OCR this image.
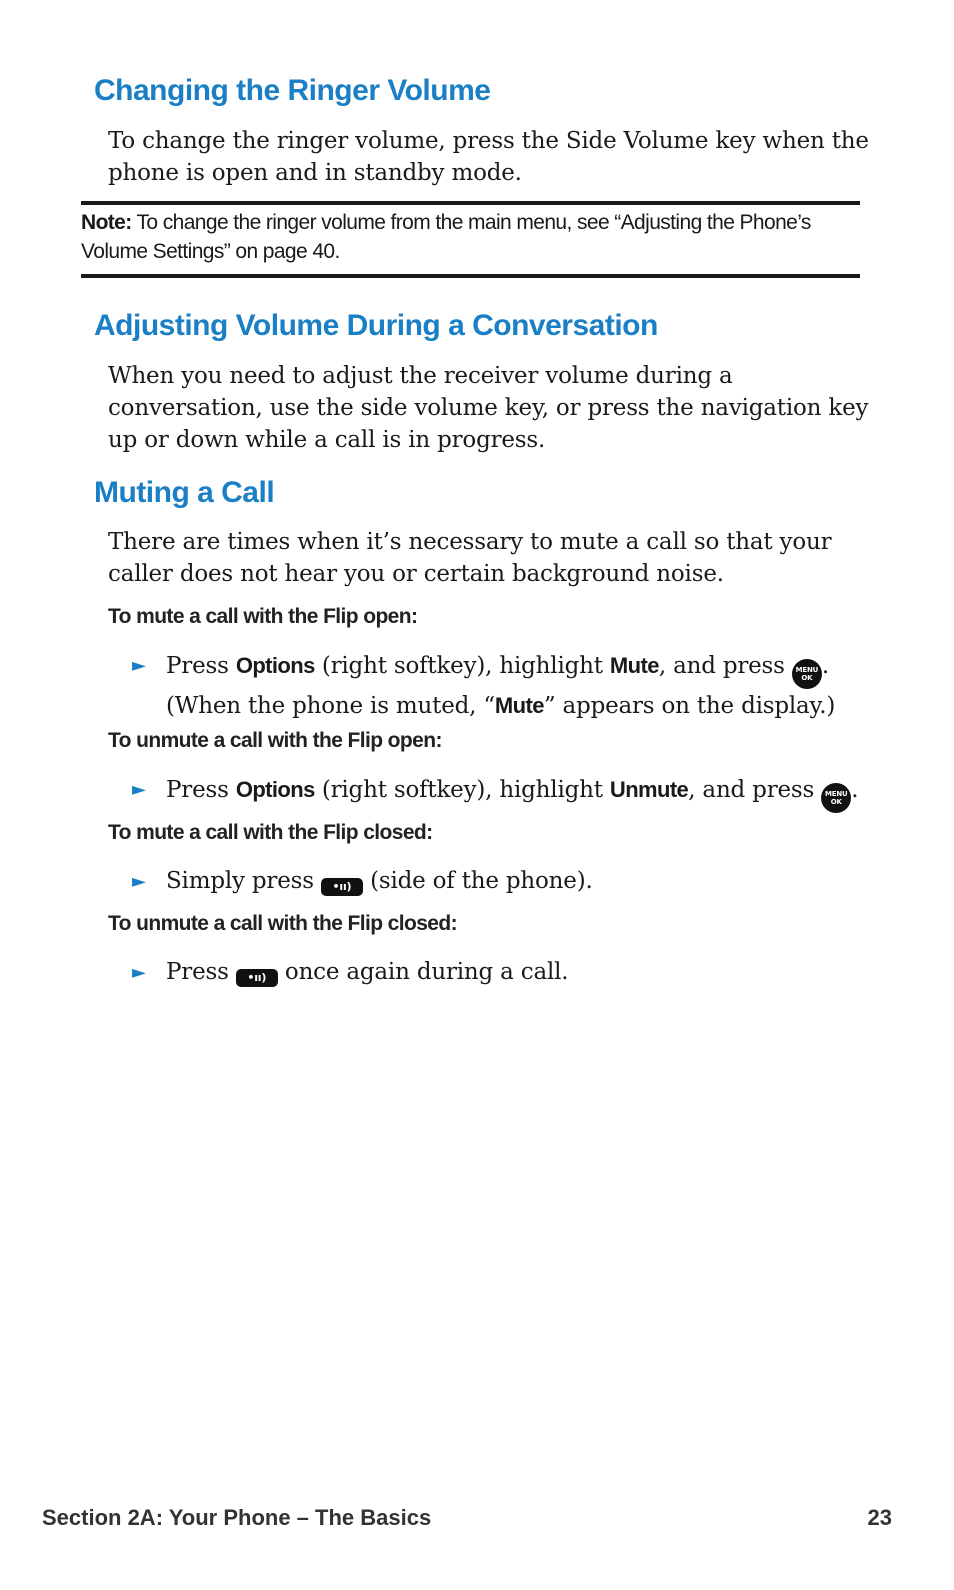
Changing the Ringer Volume

To change the ringer volume, press the Side Volume key when the phone is open and in standby mode.

Note: To change the ringer volume from the main menu, see “Adjusting the Phone’s Volume Settings” on page 40.

Adjusting Volume During a Conversation

When you need to adjust the receiver volume during a conversation, use the side volume key, or press the navigation key up or down while a call is in progress.

Muting a Call

There are times when it’s necessary to mute a call so that your caller does not hear you or certain background noise.

To mute a call with the Flip open:

► Press Options (right softkey), highlight Mute, and press MENU
OK . (When the phone is muted, “Mute” appears on the display.)

To unmute a call with the Flip open:

► Press Options (right softkey), highlight Unmute, and press MENU
OK .

To mute a call with the Flip closed:

► Simply press •ıı) (side of the phone).

To unmute a call with the Flip closed:

► Press •ıı) once again during a call.

Section 2A: Your Phone – The Basics	23
